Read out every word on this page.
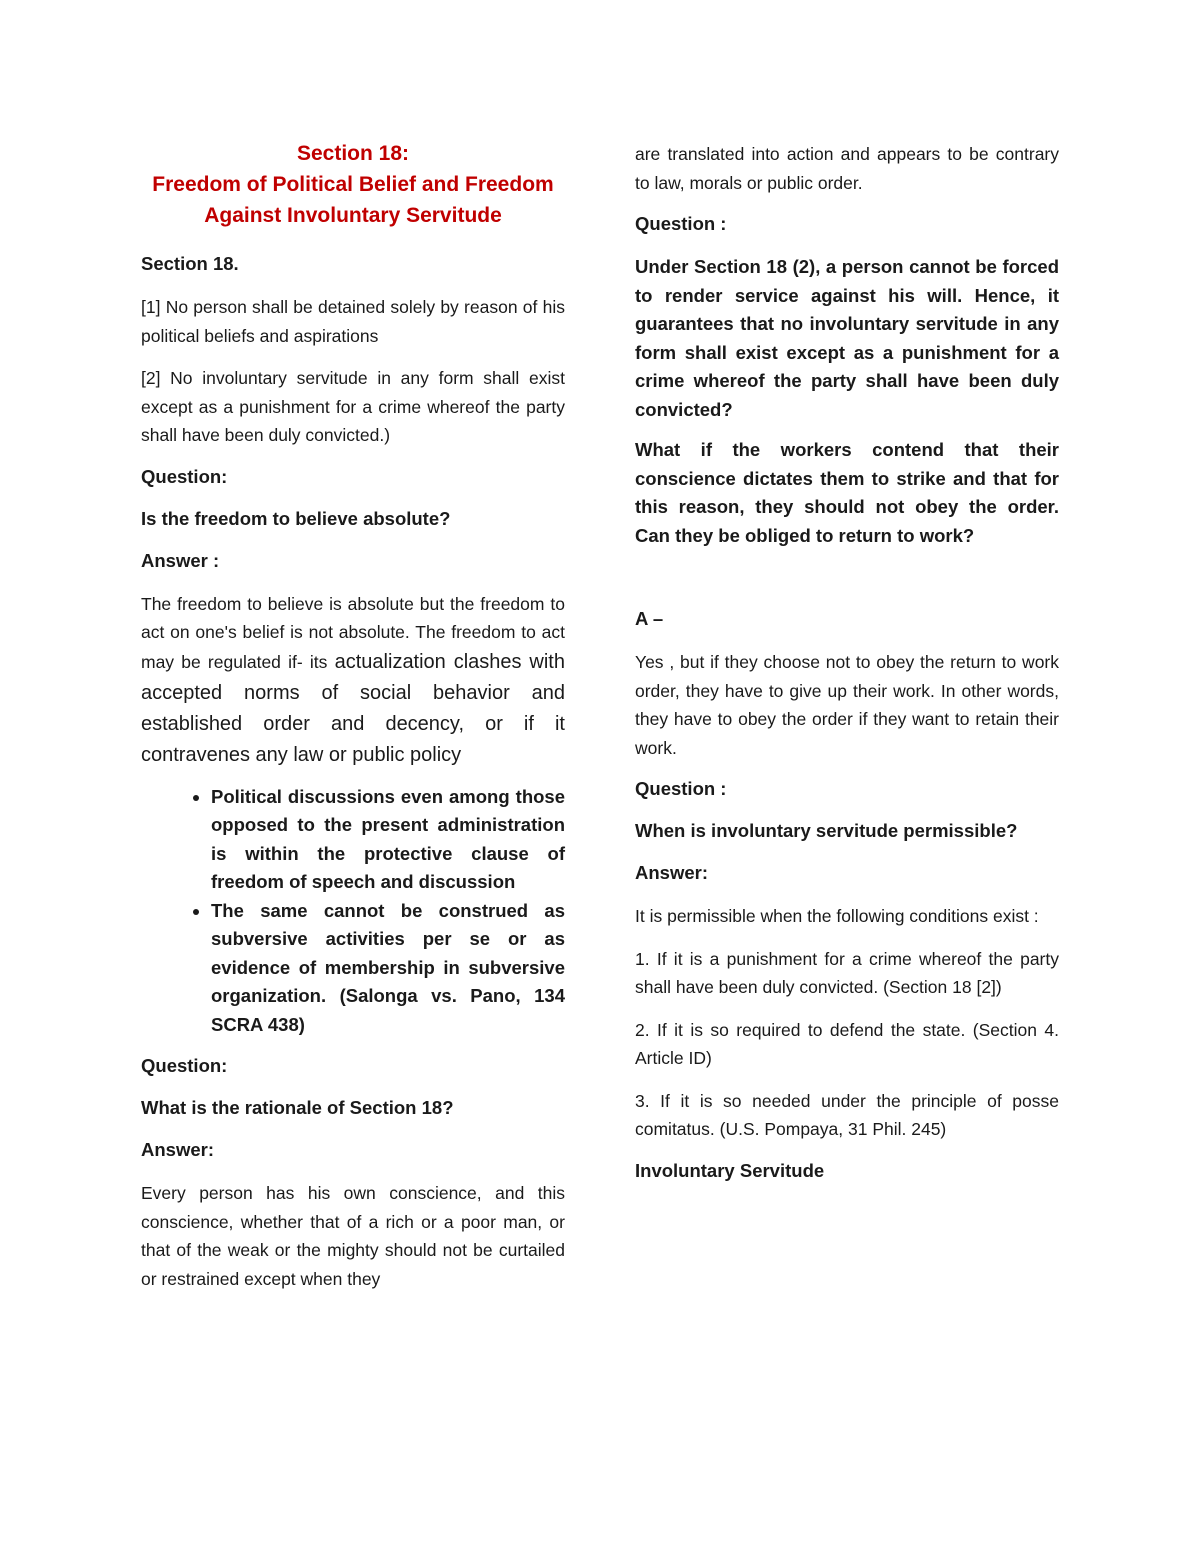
Section 18:
Freedom of Political Belief and Freedom
Against Involuntary Servitude
Section 18.

[1] No person shall be detained solely by reason of his political beliefs and aspirations

[2] No involuntary servitude in any form shall exist except as a punishment for a crime whereof the party shall have been duly convicted.)

Question:
Is the freedom to believe absolute?
Answer :

The freedom to believe is absolute but the freedom to act on one's belief is not absolute. The freedom to act may be regulated if- its actualization clashes with accepted norms of social behavior and established order and decency, or if it contravenes any law or public policy

• Political discussions even among those opposed to the present administration is within the protective clause of freedom of speech and discussion
• The same cannot be construed as subversive activities per se or as evidence of membership in subversive organization. (Salonga vs. Pano, 134 SCRA 438)
Question:
What is the rationale of Section 18?
Answer:

Every person has his own conscience, and this conscience, whether that of a rich or a poor man, or that of the weak or the mighty should not be curtailed or restrained except when they

are translated into action and appears to be contrary to law, morals or public order.

Question :

Under Section 18 (2), a person cannot be forced to render service against his will. Hence, it guarantees that no involuntary servitude in any form shall exist except as a punishment for a crime whereof the party shall have been duly convicted?

What if the workers contend that their conscience dictates them to strike and that for this reason, they should not obey the order. Can they be obliged to return to work?

A –

Yes , but if they choose not to obey the return to work order, they have to give up their work. In other words, they have to obey the order if they want to retain their work.

Question :
When is involuntary servitude permissible?
Answer:

It is permissible when the following conditions exist :

1. If it is a punishment for a crime whereof the party shall have been duly convicted. (Section 18 [2])

2. If it is so required to defend the state. (Section 4. Article ID)

3. If it is so needed under the principle of posse comitatus. (U.S. Pompaya, 31 Phil. 245)

Involuntary Servitude
